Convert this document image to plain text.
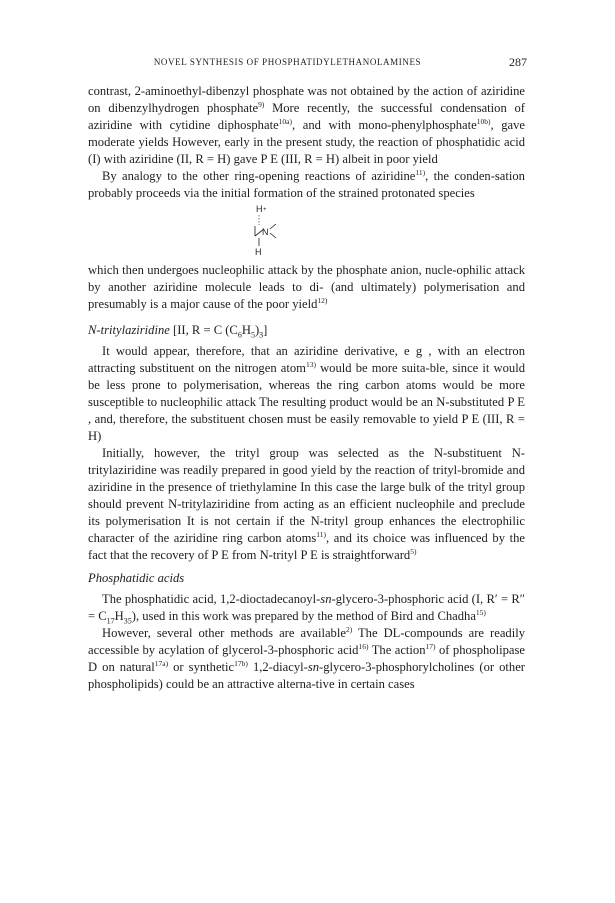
NOVEL SYNTHESIS OF PHOSPHATIDYLETHANOLAMINES	287

contrast, 2-aminoethyl-dibenzyl phosphate was not obtained by the action of aziridine on dibenzylhydrogen phosphate$^{9)}$ More recently, the successful condensation of aziridine with cytidine diphosphate$^{10a)}$, and with mono-phenylphosphate$^{10b)}$, gave moderate yields However, early in the present study, the reaction of phosphatidic acid (I) with aziridine (II, R = H) gave P E (III, R = H) albeit in poor yield

By analogy to the other ring-opening reactions of aziridine$^{11)}$, the conden-sation probably proceeds via the initial formation of the strained protonated species

H +
N
H

which then undergoes nucleophilic attack by the phosphate anion, nucle-ophilic attack by another aziridine molecule leads to di- (and ultimately) polymerisation and presumably is a major cause of the poor yield$^{12)}$

N-tritylaziridine [II, R = C $(C_6H_5)_3$]

It would appear, therefore, that an aziridine derivative, e g , with an electron attracting substituent on the nitrogen atom$^{13)}$ would be more suita-ble, since it would be less prone to polymerisation, whereas the ring carbon atoms would be more susceptible to nucleophilic attack The resulting product would be an N-substituted P E , and, therefore, the substituent chosen must be easily removable to yield P E (III, R = H)

Initially, however, the trityl group was selected as the N-substituent N-tritylaziridine was readily prepared in good yield by the reaction of trityl-bromide and aziridine in the presence of triethylamine In this case the large bulk of the trityl group should prevent N-tritylaziridine from acting as an efficient nucleophile and preclude its polymerisation It is not certain if the N-trityl group enhances the electrophilic character of the aziridine ring carbon atoms$^{11)}$, and its choice was influenced by the fact that the recovery of P E from N-trityl P E is straightforward$^{5)}$

Phosphatidic acids

The phosphatidic acid, 1,2-dioctadecanoyl-sn-glycero-3-phosphoric acid (I, $R' = R'' = C_{17}H_{35}$), used in this work was prepared by the method of Bird and Chadha$^{15)}$

However, several other methods are available$^{2)}$ The DL-compounds are readily accessible by acylation of glycerol-3-phosphoric acid$^{16)}$ The action$^{17)}$ of phospholipase D on natural$^{17a)}$ or synthetic$^{17b)}$ 1,2-diacyl-sn-glycero-3-phosphorylcholines (or other phospholipids) could be an attractive alterna-tive in certain cases
